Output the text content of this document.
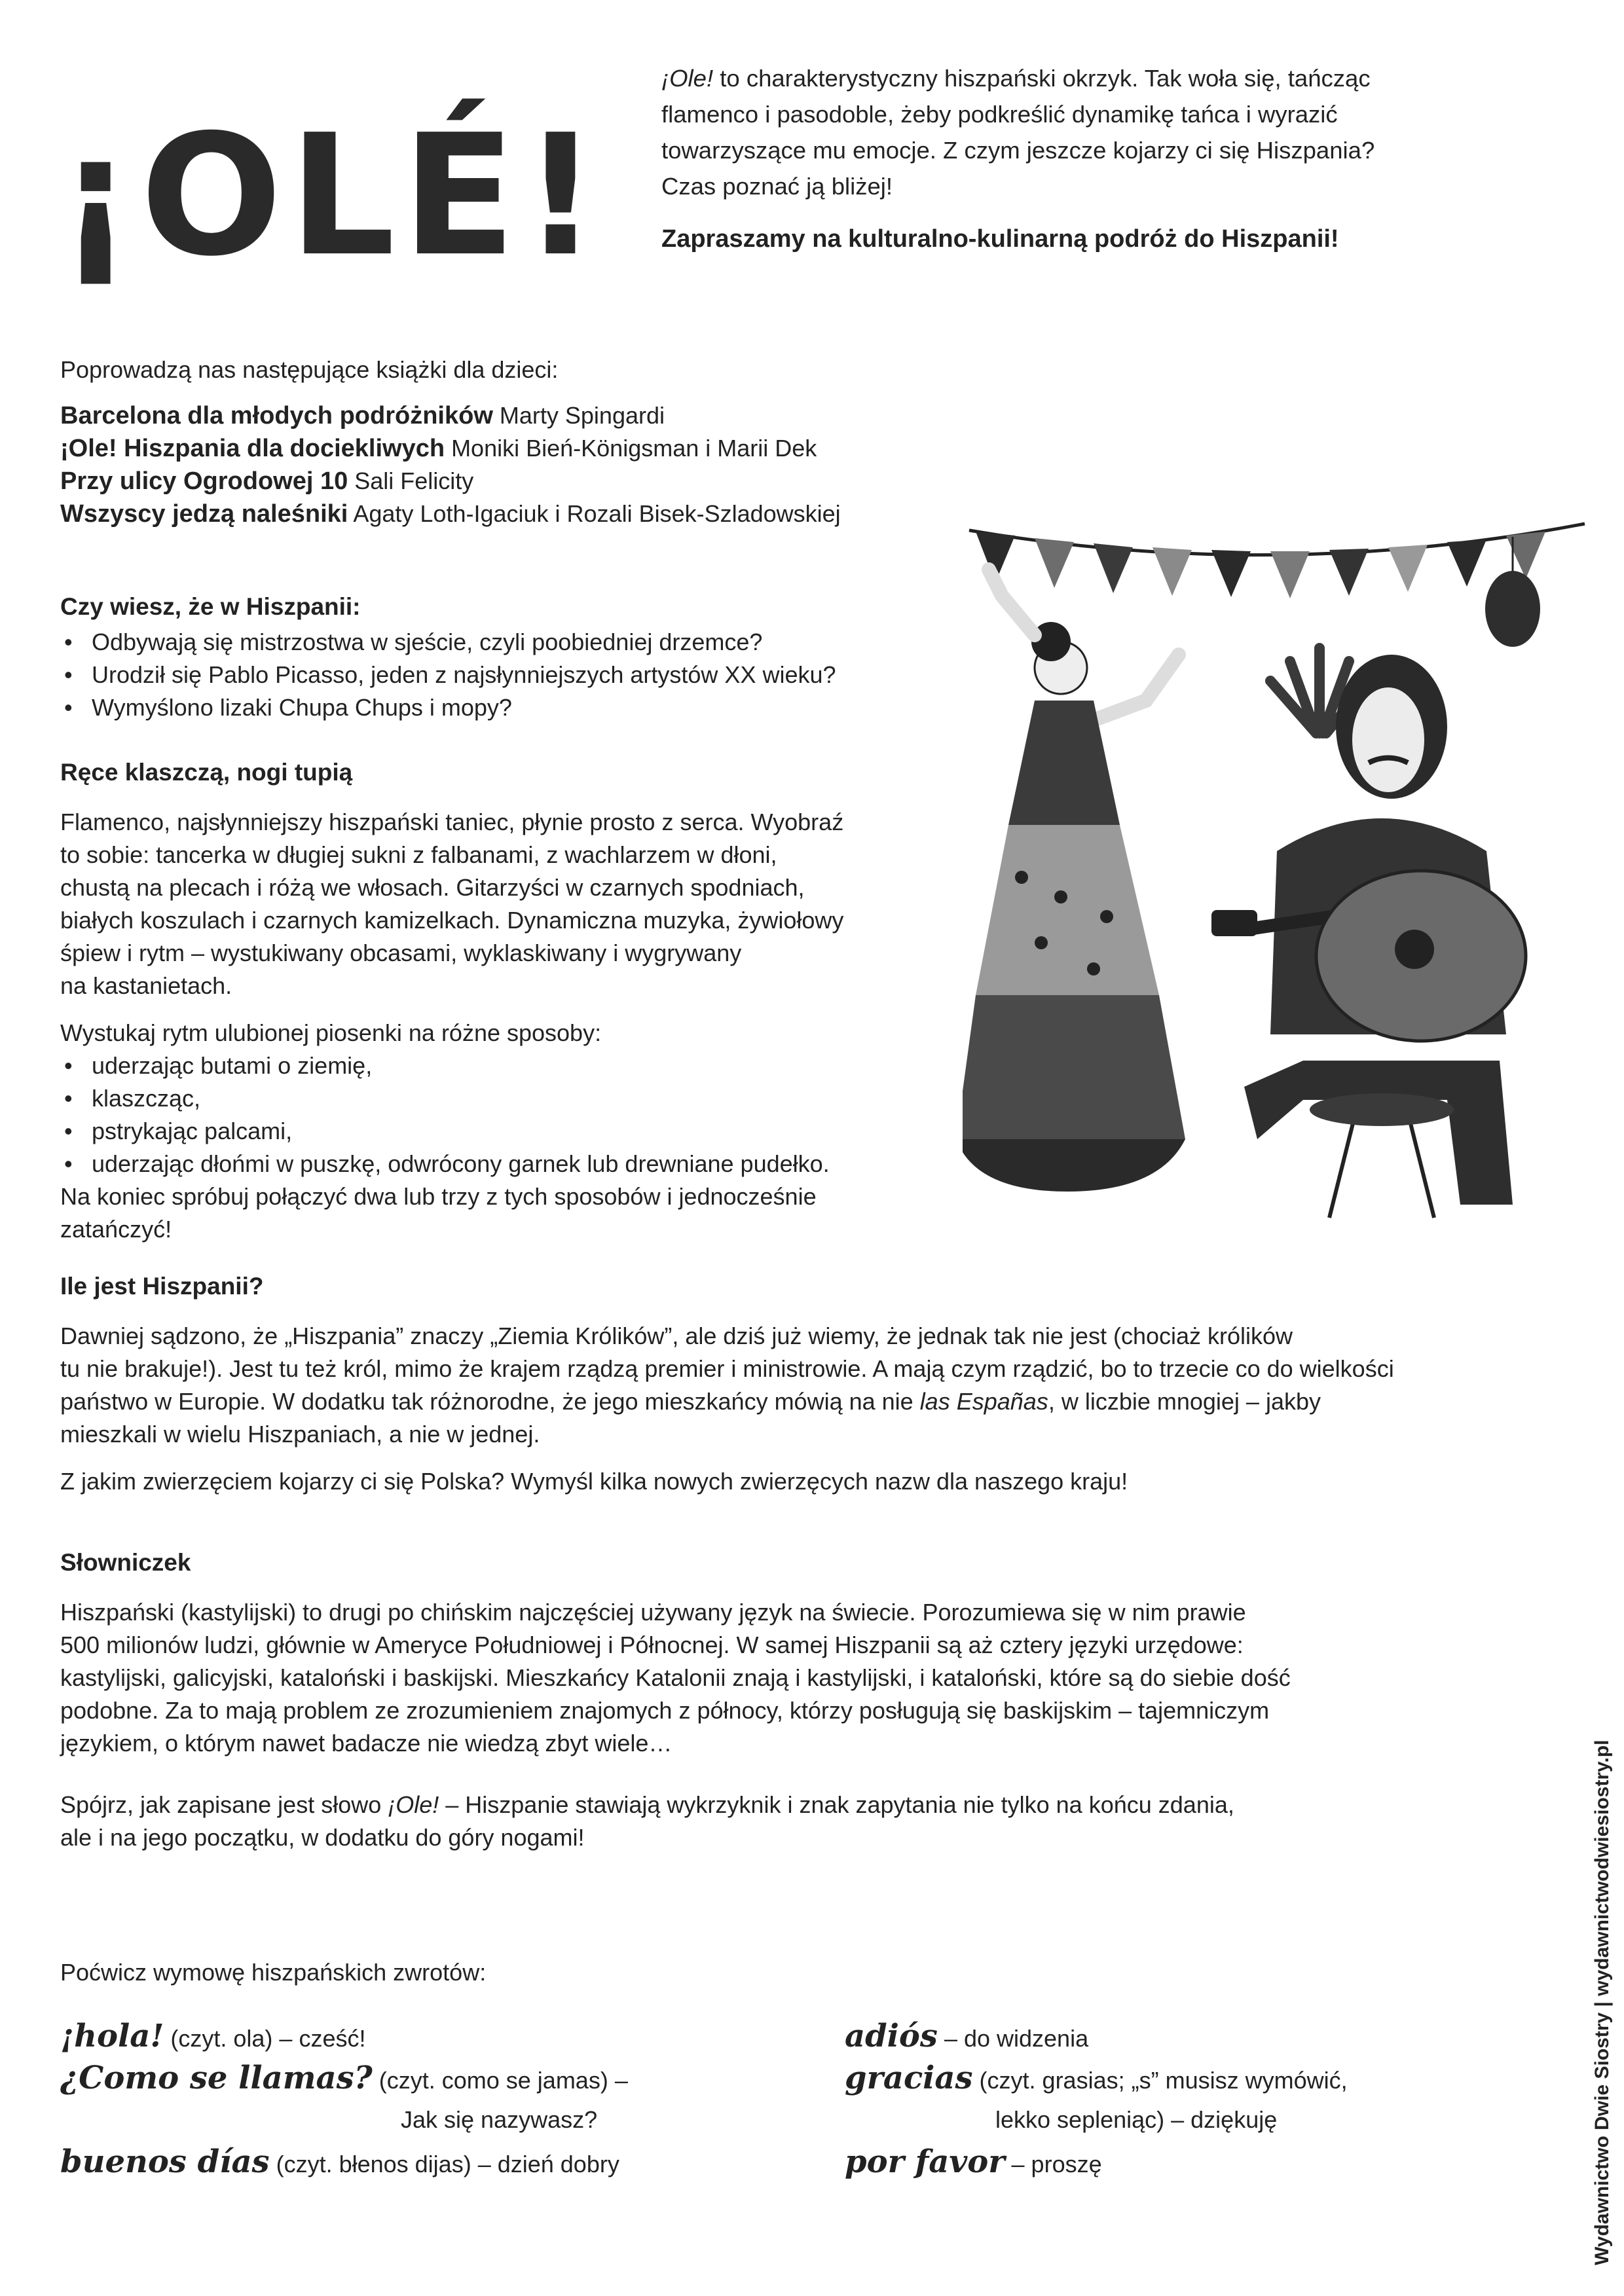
¡OLÉ!

¡Ole! to charakterystyczny hiszpański okrzyk. Tak woła się, tańcząc flamenco i pasodoble, żeby podkreślić dynamikę tańca i wyrazić towarzyszące mu emocje. Z czym jeszcze kojarzy ci się Hiszpania? Czas poznać ją bliżej!

Zapraszamy na kulturalno-kulinarną podróż do Hiszpanii!

Poprowadzą nas następujące książki dla dzieci:

Barcelona dla młodych podróżników Marty Spingardi
¡Ole! Hiszpania dla dociekliwych Moniki Bień-Königsman i Marii Dek
Przy ulicy Ogrodowej 10 Sali Felicity
Wszyscy jedzą naleśniki Agaty Loth-Igaciuk i Rozali Bisek-Szladowskiej
Czy wiesz, że w Hiszpanii:
• Odbywają się mistrzostwa w sjeście, czyli poobiedniej drzemce?
• Urodził się Pablo Picasso, jeden z najsłynniejszych artystów XX wieku?
• Wymyślono lizaki Chupa Chups i mopy?
Ręce klaszczą, nogi tupią

Flamenco, najsłynniejszy hiszpański taniec, płynie prosto z serca. Wyobraź

to sobie: tancerka w długiej sukni z falbanami, z wachlarzem w dłoni,

chustą na plecach i różą we włosach. Gitarzyści w czarnych spodniach,

białych koszulach i czarnych kamizelkach. Dynamiczna muzyka, żywiołowy

śpiew i rytm – wystukiwany obcasami, wyklaskiwany i wygrywany

na kastanietach.

Wystukaj rytm ulubionej piosenki na różne sposoby:

• uderzając butami o ziemię,
• klaszcząc,
• pstrykając palcami,
• uderzając dłońmi w puszkę, odwrócony garnek lub drewniane pudełko.

Na koniec spróbuj połączyć dwa lub trzy z tych sposobów i jednocześnie

zatańczyć!

Ile jest Hiszpanii?

Dawniej sądzono, że „Hiszpania” znaczy „Ziemia Królików”, ale dziś już wiemy, że jednak tak nie jest (chociaż królików

tu nie brakuje!). Jest tu też król, mimo że krajem rządzą premier i ministrowie. A mają czym rządzić, bo to trzecie co do wielkości

państwo w Europie. W dodatku tak różnorodne, że jego mieszkańcy mówią na nie las Españas, w liczbie mnogiej – jakby

mieszkali w wielu Hiszpaniach, a nie w jednej.

Z jakim zwierzęciem kojarzy ci się Polska? Wymyśl kilka nowych zwierzęcych nazw dla naszego kraju!

Słowniczek

Hiszpański (kastylijski) to drugi po chińskim najczęściej używany język na świecie. Porozumiewa się w nim prawie

500 milionów ludzi, głównie w Ameryce Południowej i Północnej. W samej Hiszpanii są aż cztery języki urzędowe:

kastylijski, galicyjski, kataloński i baskijski. Mieszkańcy Katalonii znają i kastylijski, i kataloński, które są do siebie dość

podobne. Za to mają problem ze zrozumieniem znajomych z północy, którzy posługują się baskijskim – tajemniczym

językiem, o którym nawet badacze nie wiedzą zbyt wiele…

Spójrz, jak zapisane jest słowo ¡Ole! – Hiszpanie stawiają wykrzyknik i znak zapytania nie tylko na końcu zdania,

ale i na jego początku, w dodatku do góry nogami!

Poćwicz wymowę hiszpańskich zwrotów:
¡hola! (czyt. ola) – cześć!
¿Como se llamas? (czyt. como se jamas) –
Jak się nazywasz?
buenos días (czyt. błenos dijas) – dzień dobry
adiós – do widzenia
gracias (czyt. grasias; „s” musisz wymówić,
lekko sepleniąc) – dziękuję
por favor – proszę	Wydawnictwo Dwie Siostry | wydawnictwodwiesiostry.pl
